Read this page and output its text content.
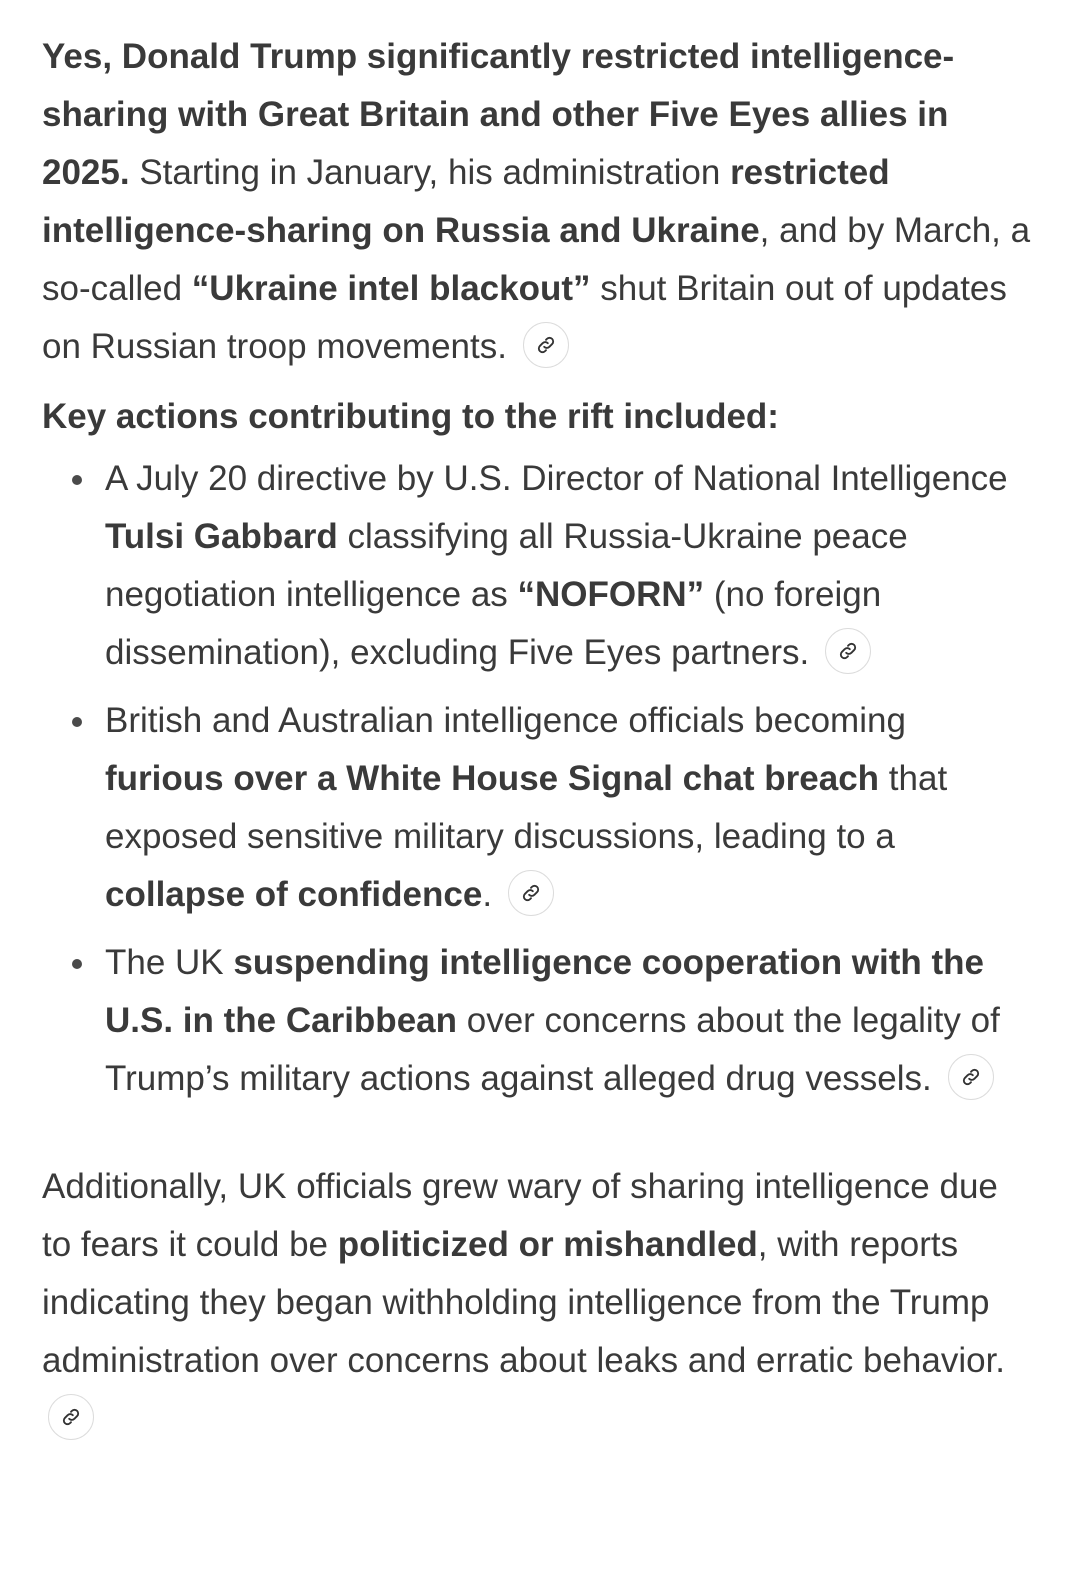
Yes, Donald Trump significantly restricted intelligence-sharing with Great Britain and other Five Eyes allies in 2025. Starting in January, his administration restricted intelligence-sharing on Russia and Ukraine, and by March, a so-called “Ukraine intel blackout” shut Britain out of updates on Russian troop movements.

Key actions contributing to the rift included:

A July 20 directive by U.S. Director of National Intelligence Tulsi Gabbard classifying all Russia-Ukraine peace negotiation intelligence as “NOFORN” (no foreign dissemination), excluding Five Eyes partners.
British and Australian intelligence officials becoming furious over a White House Signal chat breach that exposed sensitive military discussions, leading to a collapse of confidence.
The UK suspending intelligence cooperation with the U.S. in the Caribbean over concerns about the legality of Trump’s military actions against alleged drug vessels.

Additionally, UK officials grew wary of sharing intelligence due to fears it could be politicized or mishandled, with reports indicating they began withholding intelligence from the Trump administration over concerns about leaks and erratic behavior.
